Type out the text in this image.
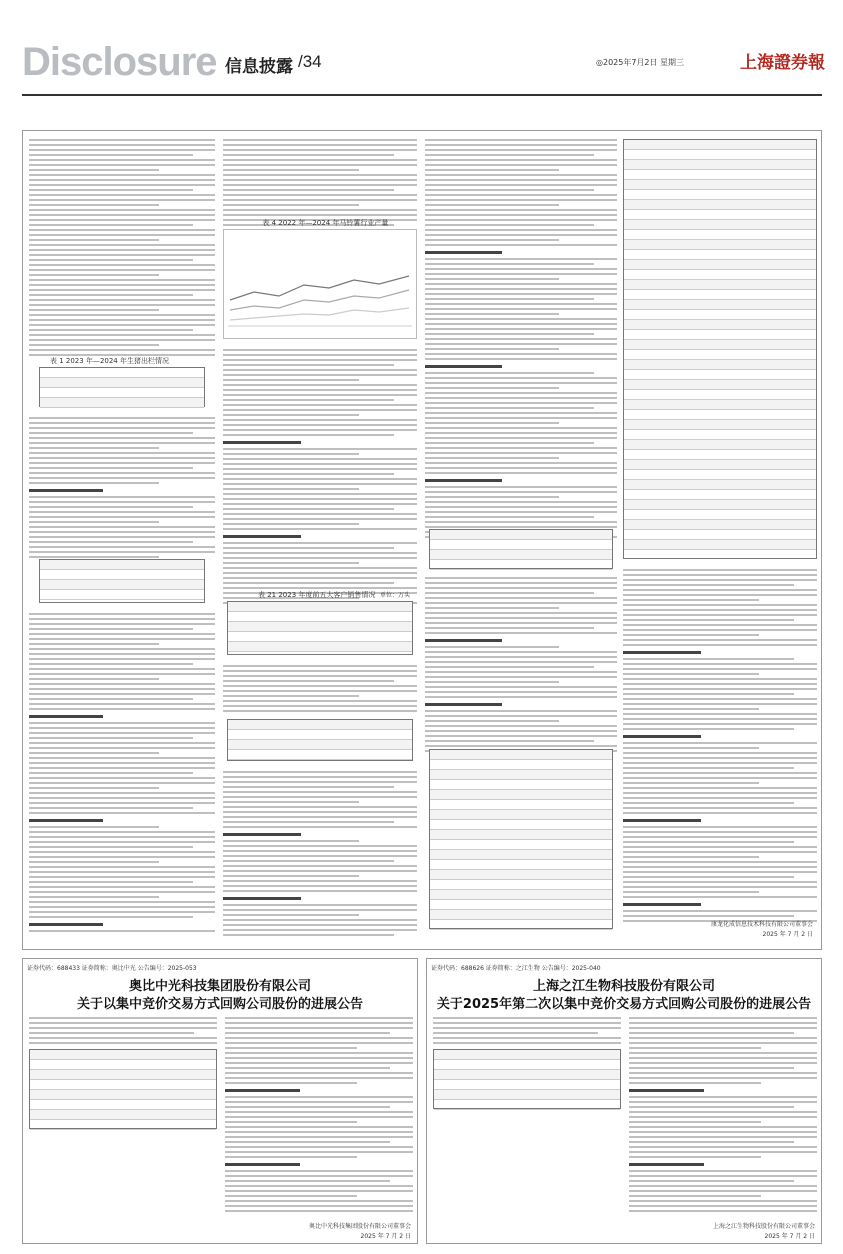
Disclosure 信息披露 /34	◎2025年7月2日 星期三	上海證券報
表 1 2023 年—2024 年生猪出栏情况
表 4 2022 年—2024 年马铃薯行业产量
表 21 2023 年度前五大客户销售情况 单位：万头
康龙化成信息技术科技有限公司董事会
2025 年 7 月 2 日
证券代码：688433 证券简称：奥比中光 公告编号：2025-053
奥比中光科技集团股份有限公司
关于以集中竞价交易方式回购公司股份的进展公告
奥比中光科技集团股份有限公司董事会
2025 年 7 月 2 日
证券代码：688626 证券简称：之江生物 公告编号：2025-040
上海之江生物科技股份有限公司
关于2025年第二次以集中竞价交易方式回购公司股份的进展公告
上海之江生物科技股份有限公司董事会
2025 年 7 月 2 日
